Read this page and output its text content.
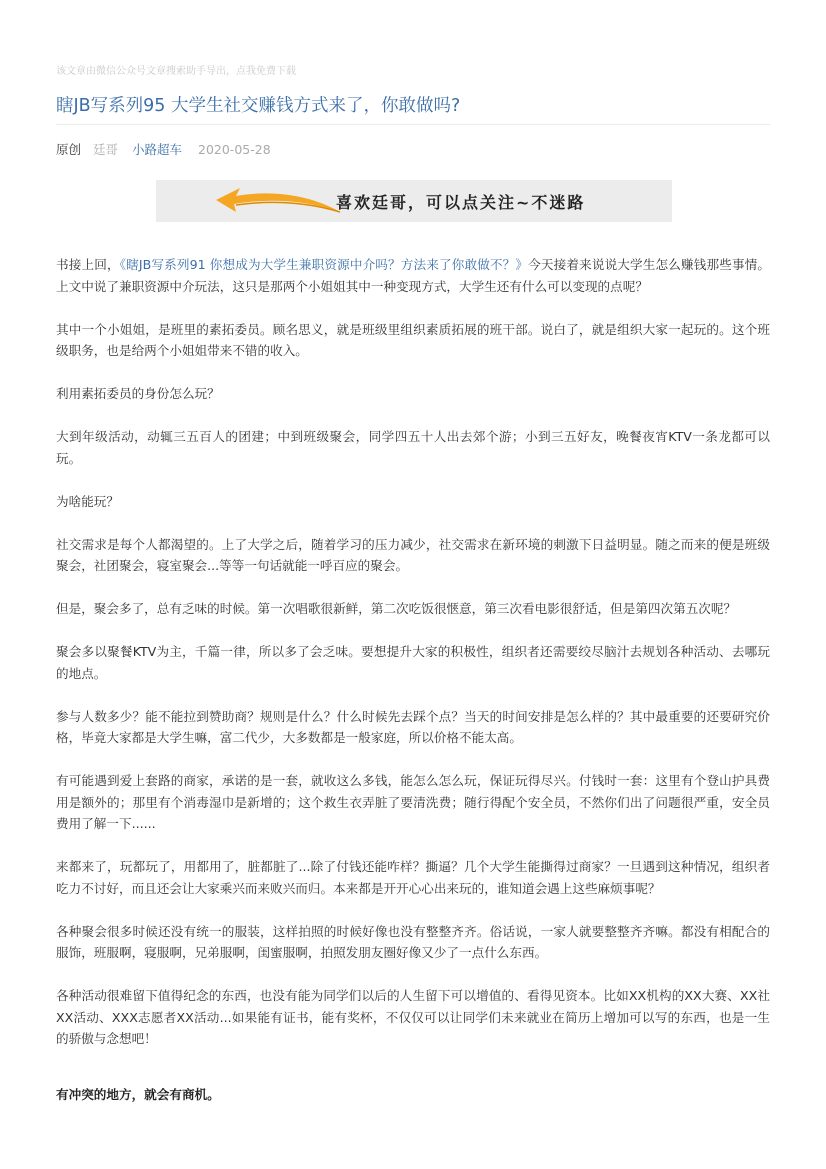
该文章由微信公众号文章搜索助手导出，点我免费下载
瞎JB写系列95 大学生社交赚钱方式来了，你敢做吗?
原创 廷哥 小路超车 2020-05-28
喜欢廷哥，可以点关注~不迷路

书接上回，《瞎JB写系列91 你想成为大学生兼职资源中介吗？方法来了你敢做不？》今天接着来说说大学生怎么赚钱那些事情。上文中说了兼职资源中介玩法，这只是那两个小姐姐其中一种变现方式，大学生还有什么可以变现的点呢？

其中一个小姐姐，是班里的素拓委员。顾名思义，就是班级里组织素质拓展的班干部。说白了，就是组织大家一起玩的。这个班级职务，也是给两个小姐姐带来不错的收入。

利用素拓委员的身份怎么玩？

大到年级活动，动辄三五百人的团建；中到班级聚会，同学四五十人出去郊个游；小到三五好友，晚餐夜宵KTV一条龙都可以玩。

为啥能玩？

社交需求是每个人都渴望的。上了大学之后，随着学习的压力减少，社交需求在新环境的刺激下日益明显。随之而来的便是班级聚会，社团聚会，寝室聚会...等等一句话就能一呼百应的聚会。

但是，聚会多了，总有乏味的时候。第一次唱歌很新鲜，第二次吃饭很惬意，第三次看电影很舒适，但是第四次第五次呢？

聚会多以聚餐KTV为主，千篇一律，所以多了会乏味。要想提升大家的积极性，组织者还需要绞尽脑汁去规划各种活动、去哪玩的地点。

参与人数多少？能不能拉到赞助商？规则是什么？什么时候先去踩个点？当天的时间安排是怎么样的？其中最重要的还要研究价格，毕竟大家都是大学生嘛，富二代少，大多数都是一般家庭，所以价格不能太高。

有可能遇到爱上套路的商家，承诺的是一套，就收这么多钱，能怎么怎么玩，保证玩得尽兴。付钱时一套：这里有个登山护具费用是额外的；那里有个消毒湿巾是新增的；这个救生衣弄脏了要清洗费；随行得配个安全员，不然你们出了问题很严重，安全员费用了解一下......

来都来了，玩都玩了，用都用了，脏都脏了...除了付钱还能咋样？撕逼？几个大学生能撕得过商家？一旦遇到这种情况，组织者吃力不讨好，而且还会让大家乘兴而来败兴而归。本来都是开开心心出来玩的，谁知道会遇上这些麻烦事呢？

各种聚会很多时候还没有统一的服装，这样拍照的时候好像也没有整整齐齐。俗话说，一家人就要整整齐齐嘛。都没有相配合的服饰，班服啊，寝服啊，兄弟服啊，闺蜜服啊，拍照发朋友圈好像又少了一点什么东西。

各种活动很难留下值得纪念的东西，也没有能为同学们以后的人生留下可以增值的、看得见资本。比如XX机构的XX大赛、XX社XX活动、XXX志愿者XX活动...如果能有证书，能有奖杯，不仅仅可以让同学们未来就业在简历上增加可以写的东西，也是一生的骄傲与念想吧！

有冲突的地方，就会有商机。
